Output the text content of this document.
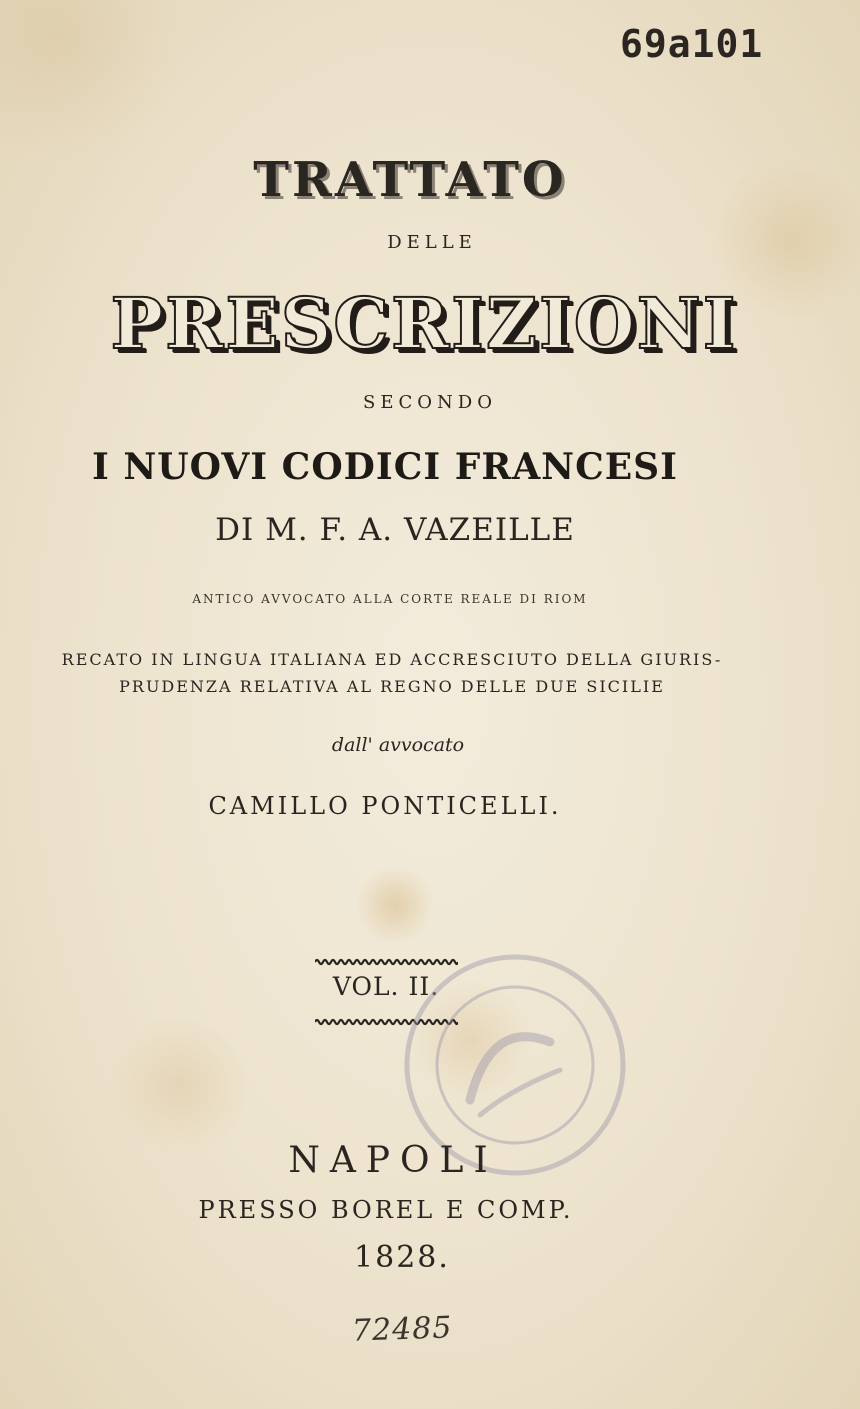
69a101
TRATTATO
DELLE
PRESCRIZIONI
SECONDO
I NUOVI CODICI FRANCESI
DI M. F. A. VAZEILLE
ANTICO AVVOCATO ALLA CORTE REALE DI RIOM
RECATO IN LINGUA ITALIANA ED ACCRESCIUTO DELLA GIURIS-
PRUDENZA RELATIVA AL REGNO DELLE DUE SICILIE
dall' avvocato
CAMILLO PONTICELLI.
VOL. II.
NAPOLI
PRESSO BOREL E COMP.
1828.
72485
